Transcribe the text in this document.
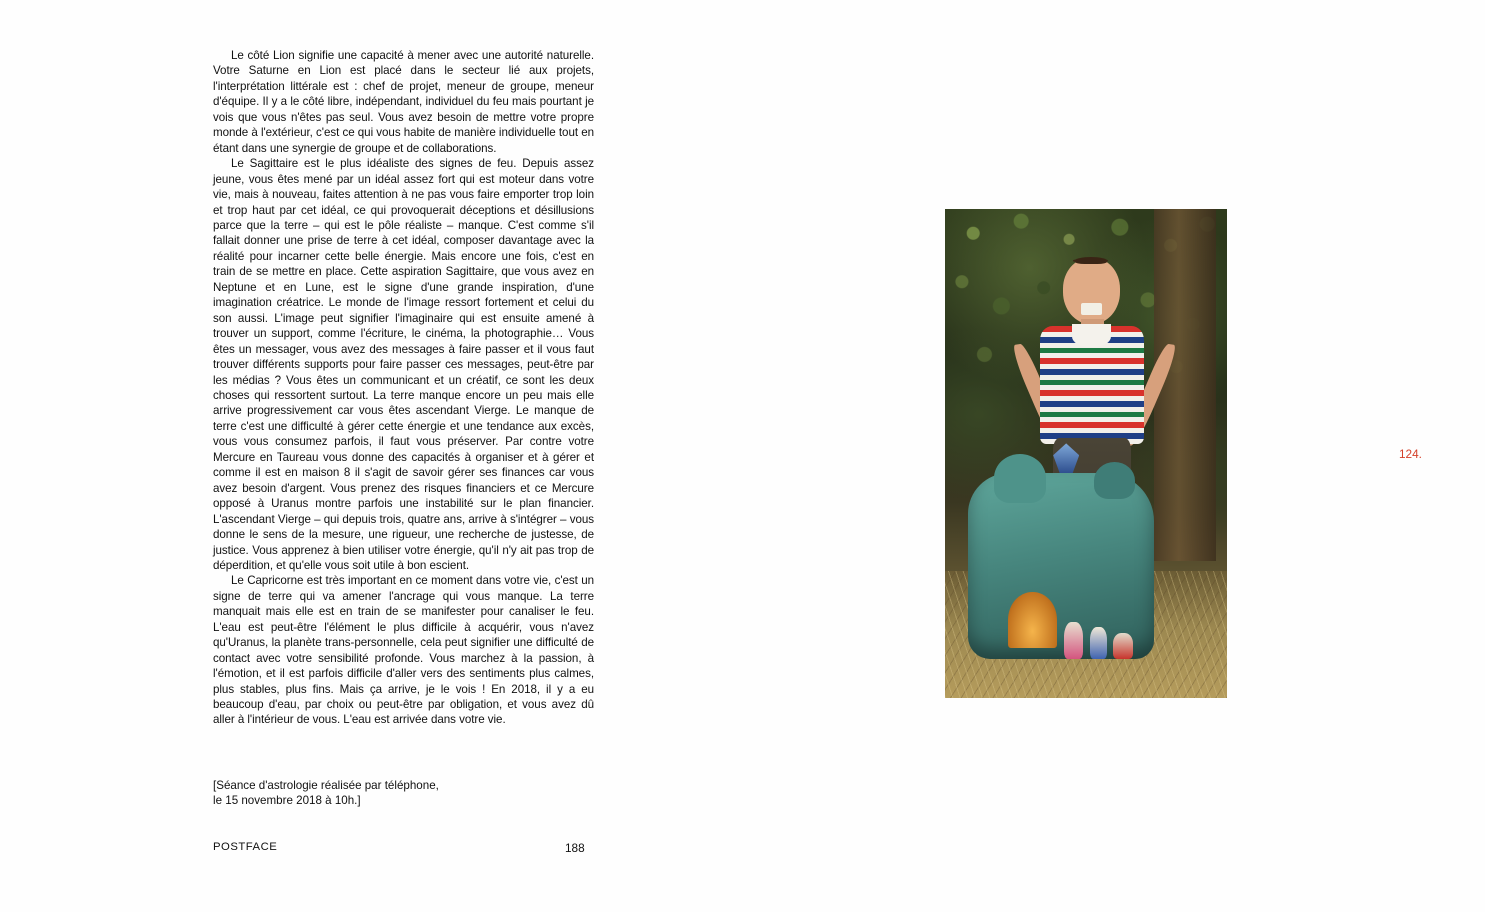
Le côté Lion signifie une capacité à mener avec une autorité naturelle. Votre Saturne en Lion est placé dans le secteur lié aux projets, l'interprétation littérale est : chef de projet, meneur de groupe, meneur d'équipe. Il y a le côté libre, indépendant, individuel du feu mais pourtant je vois que vous n'êtes pas seul. Vous avez besoin de mettre votre propre monde à l'extérieur, c'est ce qui vous habite de manière individuelle tout en étant dans une synergie de groupe et de collaborations.

Le Sagittaire est le plus idéaliste des signes de feu. Depuis assez jeune, vous êtes mené par un idéal assez fort qui est moteur dans votre vie, mais à nouveau, faites attention à ne pas vous faire emporter trop loin et trop haut par cet idéal, ce qui provoquerait déceptions et désillusions parce que la terre – qui est le pôle réaliste – manque. C'est comme s'il fallait donner une prise de terre à cet idéal, composer davantage avec la réalité pour incarner cette belle énergie. Mais encore une fois, c'est en train de se mettre en place. Cette aspiration Sagittaire, que vous avez en Neptune et en Lune, est le signe d'une grande inspiration, d'une imagination créatrice. Le monde de l'image ressort fortement et celui du son aussi. L'image peut signifier l'imaginaire qui est ensuite amené à trouver un support, comme l'écriture, le cinéma, la photographie… Vous êtes un messager, vous avez des messages à faire passer et il vous faut trouver différents supports pour faire passer ces messages, peut-être par les médias ? Vous êtes un communicant et un créatif, ce sont les deux choses qui ressortent surtout. La terre manque encore un peu mais elle arrive progressivement car vous êtes ascendant Vierge. Le manque de terre c'est une difficulté à gérer cette énergie et une tendance aux excès, vous vous consumez parfois, il faut vous préserver. Par contre votre Mercure en Taureau vous donne des capacités à organiser et à gérer et comme il est en maison 8 il s'agit de savoir gérer ses finances car vous avez besoin d'argent. Vous prenez des risques financiers et ce Mercure opposé à Uranus montre parfois une instabilité sur le plan financier. L'ascendant Vierge – qui depuis trois, quatre ans, arrive à s'intégrer – vous donne le sens de la mesure, une rigueur, une recherche de justesse, de justice. Vous apprenez à bien utiliser votre énergie, qu'il n'y ait pas trop de déperdition, et qu'elle vous soit utile à bon escient.

Le Capricorne est très important en ce moment dans votre vie, c'est un signe de terre qui va amener l'ancrage qui vous manque. La terre manquait mais elle est en train de se manifester pour canaliser le feu. L'eau est peut-être l'élément le plus difficile à acquérir, vous n'avez qu'Uranus, la planète trans-personnelle, cela peut signifier une difficulté de contact avec votre sensibilité profonde. Vous marchez à la passion, à l'émotion, et il est parfois difficile d'aller vers des sentiments plus calmes, plus stables, plus fins. Mais ça arrive, je le vois ! En 2018, il y a eu beaucoup d'eau, par choix ou peut-être par obligation, et vous avez dû aller à l'intérieur de vous. L'eau est arrivée dans votre vie.

[Séance d'astrologie réalisée par téléphone,
le 15 novembre 2018 à 10h.]
POSTFACE	188
124.
